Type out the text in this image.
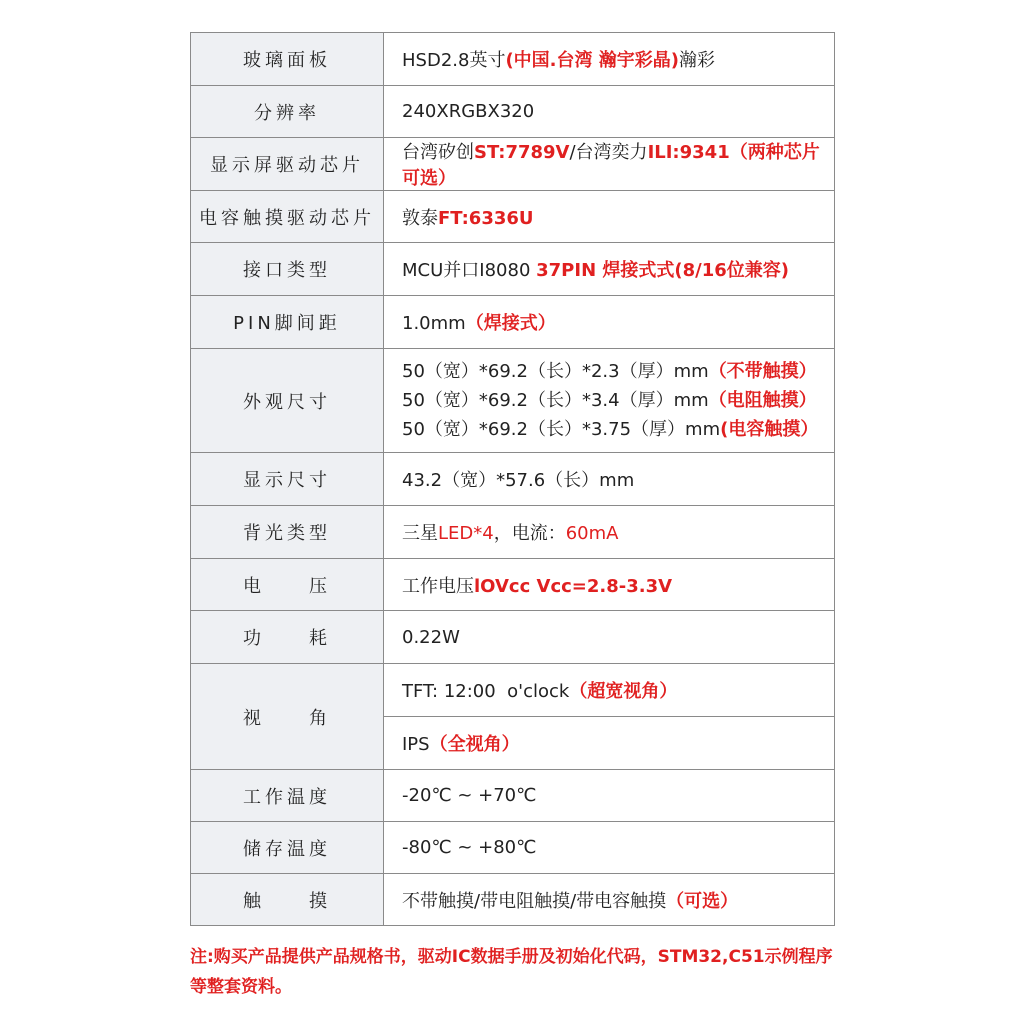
玻璃面板	HSD2.8英寸(中国.台湾 瀚宇彩晶)瀚彩
分辨率	240XRGBX320
显示屏驱动芯片	台湾矽创ST:7789V/台湾奕力ILI:9341（两种芯片可选）
电容触摸驱动芯片	敦泰FT:6336U
接口类型	MCU并口I8080 37PIN 焊接式式(8/16位兼容)
PIN脚间距	1.0mm（焊接式）
外观尺寸	50（宽）*69.2（长）*2.3（厚）mm（不带触摸）
50（宽）*69.2（长）*3.4（厚）mm（电阻触摸）
50（宽）*69.2（长）*3.75（厚）mm(电容触摸）

显示尺寸	43.2（宽）*57.6（长）mm
背光类型	三星LED*4，电流：60mA
电　　压	工作电压lOVcc Vcc=2.8-3.3V
功　　耗	0.22W
视　　角	TFT: 12:00  o'clock（超宽视角）
	IPS（全视角）
工作温度	-20℃ ~ +70℃
储存温度	-80℃ ~ +80℃
触　　摸	不带触摸/带电阻触摸/带电容触摸（可选）
注:购买产品提供产品规格书，驱动IC数据手册及初始化代码，STM32,C51示例程序等整套资料。
